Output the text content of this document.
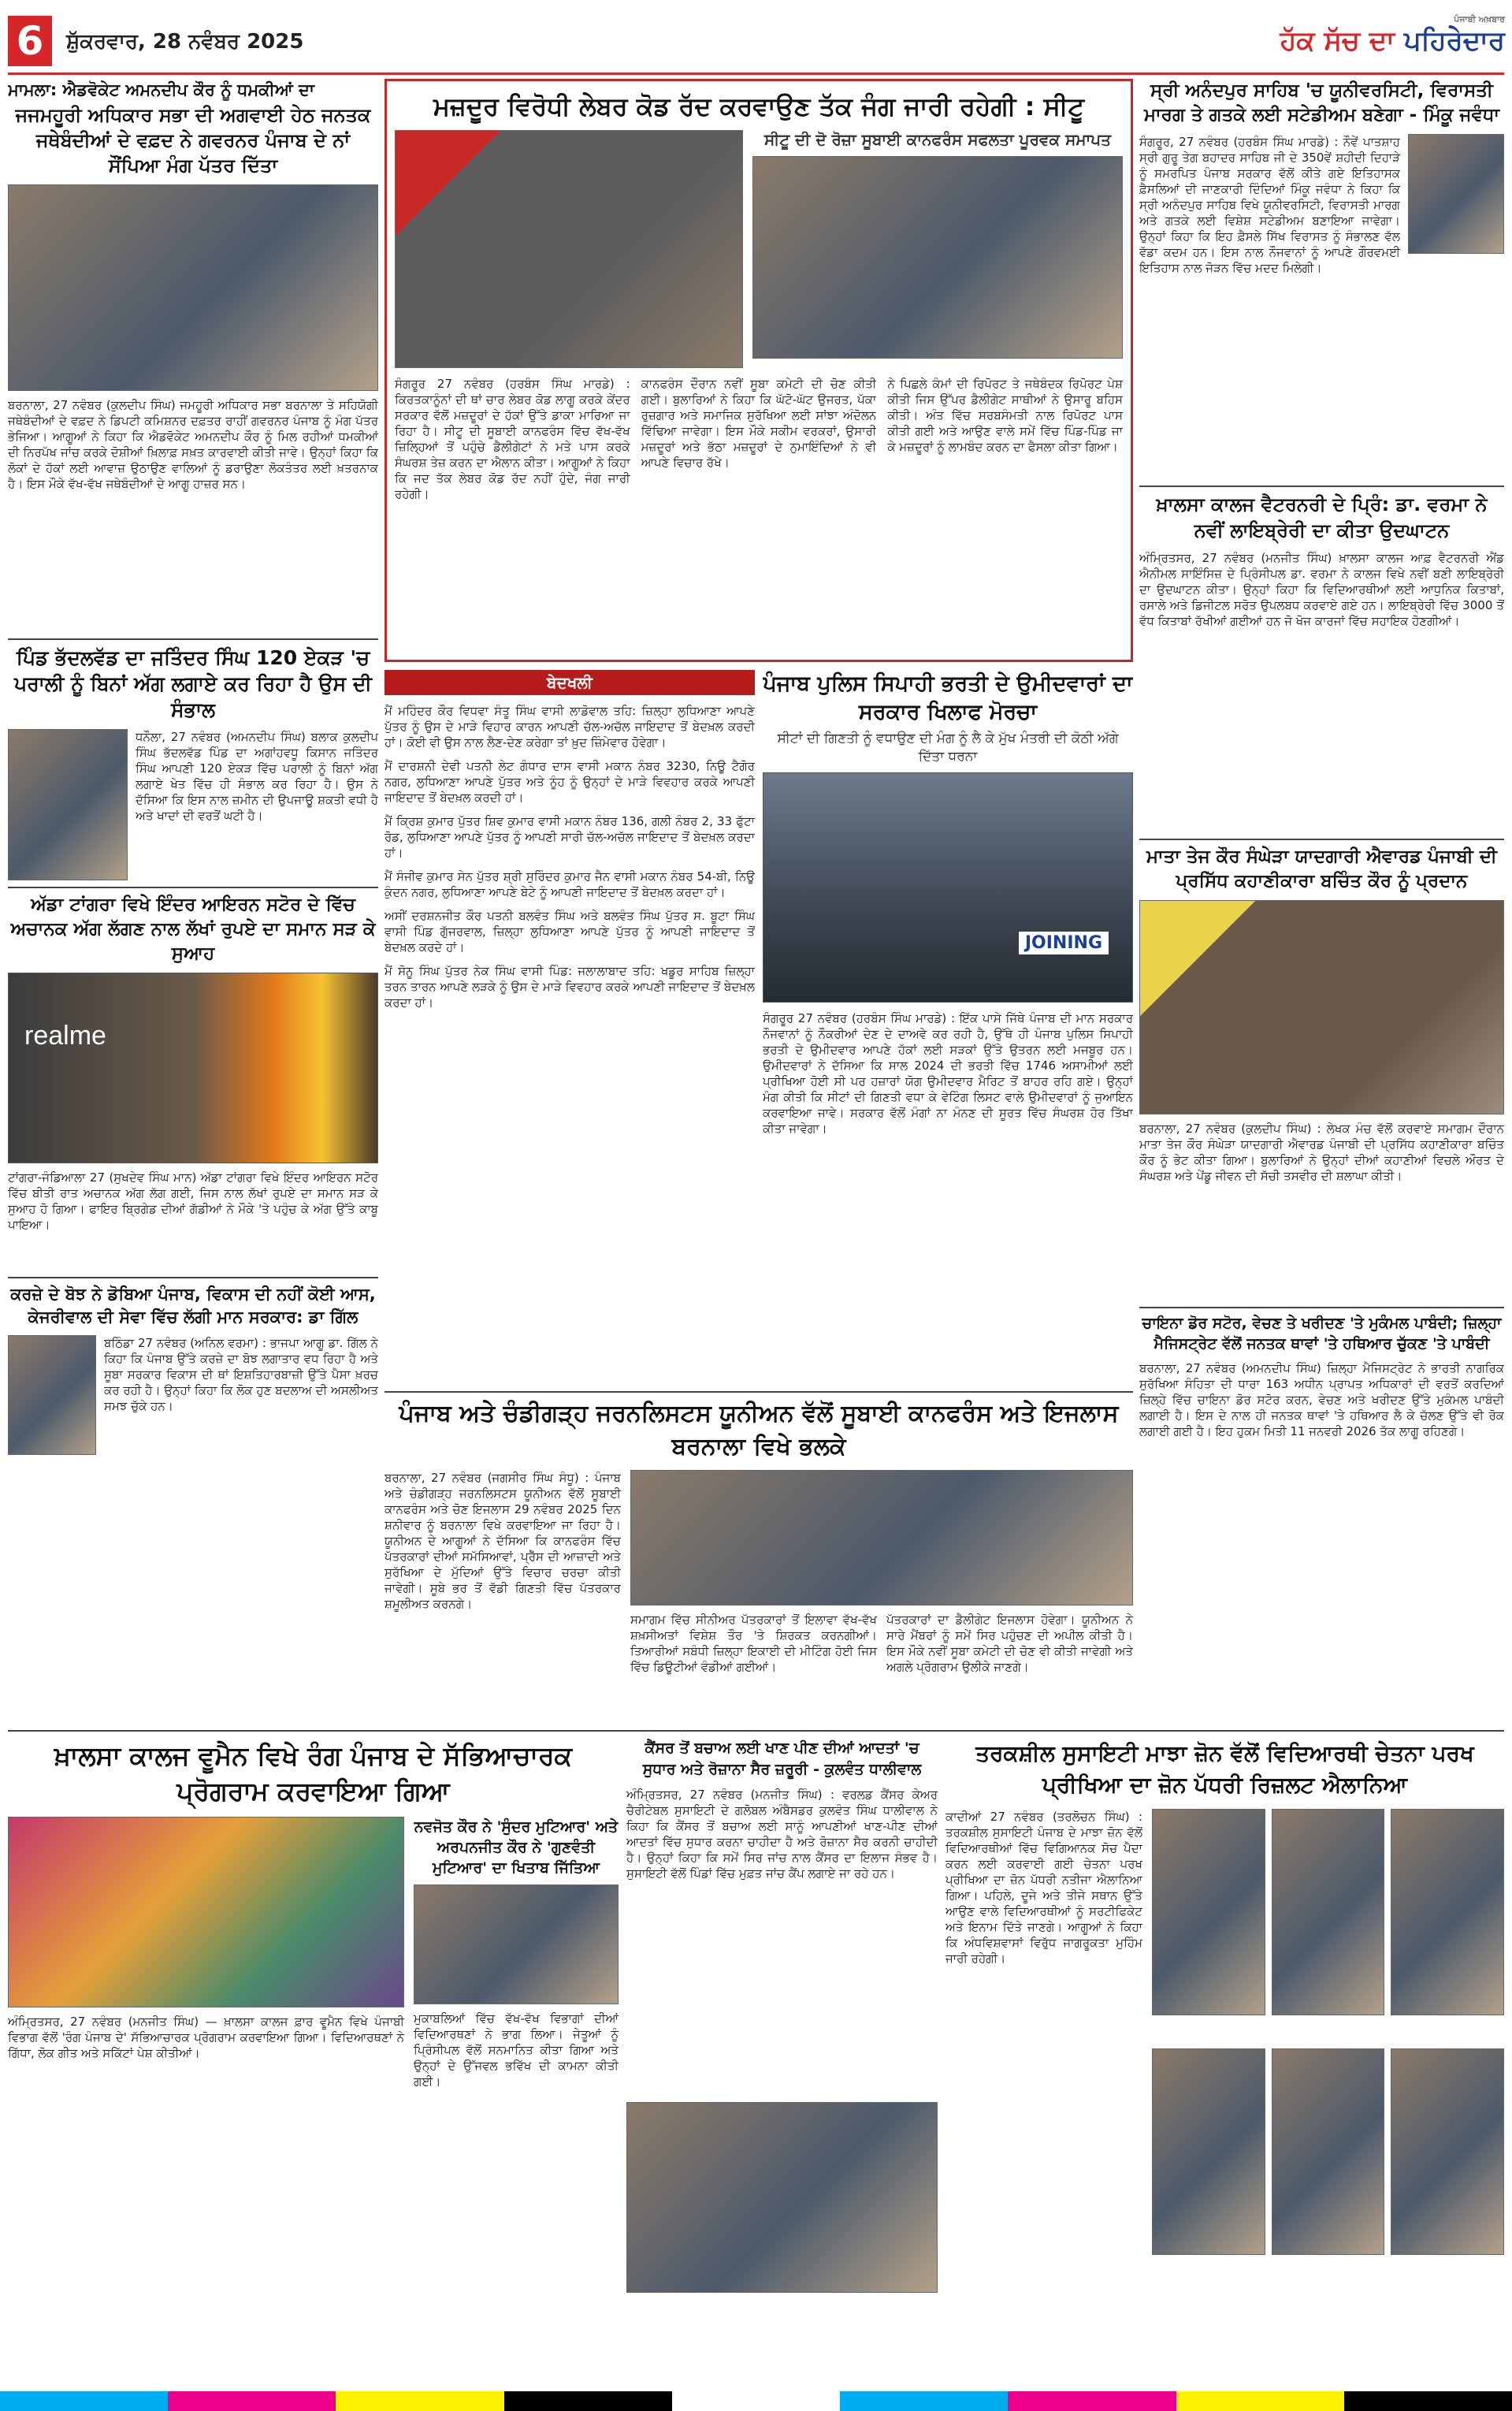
6	ਸ਼ੁੱਕਰਵਾਰ, 28 ਨਵੰਬਰ 2025
ਪੰਜਾਬੀ ਅਖ਼ਬਾਰ
ਹੱਕ ਸੱਚ ਦਾ ਪਹਿਰੇਦਾਰ
ਮਾਮਲਾ: ਐਡਵੋਕੇਟ ਅਮਨਦੀਪ ਕੌਰ ਨੂੰ ਧਮਕੀਆਂ ਦਾ
ਜਜਮਹੂਰੀ ਅਧਿਕਾਰ ਸਭਾ ਦੀ ਅਗਵਾਈ ਹੇਠ ਜਨਤਕ ਜਥੇਬੰਦੀਆਂ ਦੇ ਵਫ਼ਦ ਨੇ ਗਵਰਨਰ ਪੰਜਾਬ ਦੇ ਨਾਂ ਸੌਂਪਿਆ ਮੰਗ ਪੱਤਰ ਦਿੱਤਾ
ਬਰਨਾਲਾ, 27 ਨਵੰਬਰ (ਕੁਲਦੀਪ ਸਿੰਘ) ਜਮਹੂਰੀ ਅਧਿਕਾਰ ਸਭਾ ਬਰਨਾਲਾ ਤੇ ਸਹਿਯੋਗੀ ਜਥੇਬੰਦੀਆਂ ਦੇ ਵਫ਼ਦ ਨੇ ਡਿਪਟੀ ਕਮਿਸ਼ਨਰ ਦਫ਼ਤਰ ਰਾਹੀਂ ਗਵਰਨਰ ਪੰਜਾਬ ਨੂੰ ਮੰਗ ਪੱਤਰ ਭੇਜਿਆ। ਆਗੂਆਂ ਨੇ ਕਿਹਾ ਕਿ ਐਡਵੋਕੇਟ ਅਮਨਦੀਪ ਕੌਰ ਨੂੰ ਮਿਲ ਰਹੀਆਂ ਧਮਕੀਆਂ ਦੀ ਨਿਰਪੱਖ ਜਾਂਚ ਕਰਕੇ ਦੋਸ਼ੀਆਂ ਖ਼ਿਲਾਫ਼ ਸਖ਼ਤ ਕਾਰਵਾਈ ਕੀਤੀ ਜਾਵੇ। ਉਨ੍ਹਾਂ ਕਿਹਾ ਕਿ ਲੋਕਾਂ ਦੇ ਹੱਕਾਂ ਲਈ ਆਵਾਜ਼ ਉਠਾਉਣ ਵਾਲਿਆਂ ਨੂੰ ਡਰਾਉਣਾ ਲੋਕਤੰਤਰ ਲਈ ਖ਼ਤਰਨਾਕ ਹੈ। ਇਸ ਮੌਕੇ ਵੱਖ-ਵੱਖ ਜਥੇਬੰਦੀਆਂ ਦੇ ਆਗੂ ਹਾਜ਼ਰ ਸਨ।
ਪਿੰਡ ਭੱਦਲਵੱਡ ਦਾ ਜਤਿੰਦਰ ਸਿੰਘ 120 ਏਕੜ 'ਚ ਪਰਾਲੀ ਨੂੰ ਬਿਨਾਂ ਅੱਗ ਲਗਾਏ ਕਰ ਰਿਹਾ ਹੈ ਉਸ ਦੀ ਸੰਭਾਲ
ਧਨੌਲਾ, 27 ਨਵੰਬਰ (ਅਮਨਦੀਪ ਸਿੰਘ) ਬਲਾਕ ਕੁਲਦੀਪ ਸਿੰਘ ਭੱਦਲਵੱਡ ਪਿੰਡ ਦਾ ਅਗਾਂਹਵਧੂ ਕਿਸਾਨ ਜਤਿੰਦਰ ਸਿੰਘ ਆਪਣੀ 120 ਏਕੜ ਵਿੱਚ ਪਰਾਲੀ ਨੂੰ ਬਿਨਾਂ ਅੱਗ ਲਗਾਏ ਖੇਤ ਵਿੱਚ ਹੀ ਸੰਭਾਲ ਕਰ ਰਿਹਾ ਹੈ। ਉਸ ਨੇ ਦੱਸਿਆ ਕਿ ਇਸ ਨਾਲ ਜ਼ਮੀਨ ਦੀ ਉਪਜਾਊ ਸ਼ਕਤੀ ਵਧੀ ਹੈ ਅਤੇ ਖਾਦਾਂ ਦੀ ਵਰਤੋਂ ਘਟੀ ਹੈ।
ਅੱਡਾ ਟਾਂਗਰਾ ਵਿਖੇ ਇੰਦਰ ਆਇਰਨ ਸਟੋਰ ਦੇ ਵਿੱਚ ਅਚਾਨਕ ਅੱਗ ਲੱਗਣ ਨਾਲ ਲੱਖਾਂ ਰੁਪਏ ਦਾ ਸਮਾਨ ਸੜ ਕੇ ਸੁਆਹ
realme
ਟਾਂਗਰਾ-ਜੰਡਿਆਲਾ 27 (ਸੁਖਦੇਵ ਸਿੰਘ ਮਾਨ) ਅੱਡਾ ਟਾਂਗਰਾ ਵਿਖੇ ਇੰਦਰ ਆਇਰਨ ਸਟੋਰ ਵਿੱਚ ਬੀਤੀ ਰਾਤ ਅਚਾਨਕ ਅੱਗ ਲੱਗ ਗਈ, ਜਿਸ ਨਾਲ ਲੱਖਾਂ ਰੁਪਏ ਦਾ ਸਮਾਨ ਸੜ ਕੇ ਸੁਆਹ ਹੋ ਗਿਆ। ਫਾਇਰ ਬ੍ਰਿਗੇਡ ਦੀਆਂ ਗੱਡੀਆਂ ਨੇ ਮੌਕੇ 'ਤੇ ਪਹੁੰਚ ਕੇ ਅੱਗ ਉੱਤੇ ਕਾਬੂ ਪਾਇਆ।
ਕਰਜ਼ੇ ਦੇ ਬੋਝ ਨੇ ਡੋਬਿਆ ਪੰਜਾਬ, ਵਿਕਾਸ ਦੀ ਨਹੀਂ ਕੋਈ ਆਸ, ਕੇਜਰੀਵਾਲ ਦੀ ਸੇਵਾ ਵਿੱਚ ਲੱਗੀ ਮਾਨ ਸਰਕਾਰ: ਡਾ ਗਿੱਲ
ਬਠਿੰਡਾ 27 ਨਵੰਬਰ (ਅਨਿਲ ਵਰਮਾ) : ਭਾਜਪਾ ਆਗੂ ਡਾ. ਗਿੱਲ ਨੇ ਕਿਹਾ ਕਿ ਪੰਜਾਬ ਉੱਤੇ ਕਰਜ਼ੇ ਦਾ ਬੋਝ ਲਗਾਤਾਰ ਵਧ ਰਿਹਾ ਹੈ ਅਤੇ ਸੂਬਾ ਸਰਕਾਰ ਵਿਕਾਸ ਦੀ ਥਾਂ ਇਸ਼ਤਿਹਾਰਬਾਜ਼ੀ ਉੱਤੇ ਪੈਸਾ ਖ਼ਰਚ ਕਰ ਰਹੀ ਹੈ। ਉਨ੍ਹਾਂ ਕਿਹਾ ਕਿ ਲੋਕ ਹੁਣ ਬਦਲਾਅ ਦੀ ਅਸਲੀਅਤ ਸਮਝ ਚੁੱਕੇ ਹਨ।
ਮਜ਼ਦੂਰ ਵਿਰੋਧੀ ਲੇਬਰ ਕੋਡ ਰੱਦ ਕਰਵਾਉਣ ਤੱਕ ਜੰਗ ਜਾਰੀ ਰਹੇਗੀ : ਸੀਟੂ
ਸੀਟੂ ਦੀ ਦੋ ਰੋਜ਼ਾ ਸੂਬਾਈ ਕਾਨਫਰੰਸ ਸਫਲਤਾ ਪੂਰਵਕ ਸਮਾਪਤ
ਸੰਗਰੂਰ 27 ਨਵੰਬਰ (ਹਰਬੰਸ ਸਿੰਘ ਮਾਰਡੇ) : ਕਿਰਤਕਾਨੂੰਨਾਂ ਦੀ ਥਾਂ ਚਾਰ ਲੇਬਰ ਕੋਡ ਲਾਗੂ ਕਰਕੇ ਕੇਂਦਰ ਸਰਕਾਰ ਵੱਲੋਂ ਮਜ਼ਦੂਰਾਂ ਦੇ ਹੱਕਾਂ ਉੱਤੇ ਡਾਕਾ ਮਾਰਿਆ ਜਾ ਰਿਹਾ ਹੈ। ਸੀਟੂ ਦੀ ਸੂਬਾਈ ਕਾਨਫਰੰਸ ਵਿੱਚ ਵੱਖ-ਵੱਖ ਜ਼ਿਲ੍ਹਿਆਂ ਤੋਂ ਪਹੁੰਚੇ ਡੈਲੀਗੇਟਾਂ ਨੇ ਮਤੇ ਪਾਸ ਕਰਕੇ ਸੰਘਰਸ਼ ਤੇਜ਼ ਕਰਨ ਦਾ ਐਲਾਨ ਕੀਤਾ। ਆਗੂਆਂ ਨੇ ਕਿਹਾ ਕਿ ਜਦ ਤੱਕ ਲੇਬਰ ਕੋਡ ਰੱਦ ਨਹੀਂ ਹੁੰਦੇ, ਜੰਗ ਜਾਰੀ ਰਹੇਗੀ।
ਕਾਨਫਰੰਸ ਦੌਰਾਨ ਨਵੀਂ ਸੂਬਾ ਕਮੇਟੀ ਦੀ ਚੋਣ ਕੀਤੀ ਗਈ। ਬੁਲਾਰਿਆਂ ਨੇ ਕਿਹਾ ਕਿ ਘੱਟੋ-ਘੱਟ ਉਜਰਤ, ਪੱਕਾ ਰੁਜ਼ਗਾਰ ਅਤੇ ਸਮਾਜਿਕ ਸੁਰੱਖਿਆ ਲਈ ਸਾਂਝਾ ਅੰਦੋਲਨ ਵਿੱਢਿਆ ਜਾਵੇਗਾ। ਇਸ ਮੌਕੇ ਸਕੀਮ ਵਰਕਰਾਂ, ਉਸਾਰੀ ਮਜ਼ਦੂਰਾਂ ਅਤੇ ਭੱਠਾ ਮਜ਼ਦੂਰਾਂ ਦੇ ਨੁਮਾਇੰਦਿਆਂ ਨੇ ਵੀ ਆਪਣੇ ਵਿਚਾਰ ਰੱਖੇ।
ਨੇ ਪਿਛਲੇ ਕੰਮਾਂ ਦੀ ਰਿਪੋਰਟ ਤੇ ਜਥੇਬੰਦਕ ਰਿਪੋਰਟ ਪੇਸ਼ ਕੀਤੀ ਜਿਸ ਉੱਪਰ ਡੈਲੀਗੇਟ ਸਾਥੀਆਂ ਨੇ ਉਸਾਰੂ ਬਹਿਸ ਕੀਤੀ। ਅੰਤ ਵਿੱਚ ਸਰਬਸੰਮਤੀ ਨਾਲ ਰਿਪੋਰਟ ਪਾਸ ਕੀਤੀ ਗਈ ਅਤੇ ਆਉਣ ਵਾਲੇ ਸਮੇਂ ਵਿੱਚ ਪਿੰਡ-ਪਿੰਡ ਜਾ ਕੇ ਮਜ਼ਦੂਰਾਂ ਨੂੰ ਲਾਮਬੰਦ ਕਰਨ ਦਾ ਫੈਸਲਾ ਕੀਤਾ ਗਿਆ।
ਬੇਦਖਲੀ

ਮੈਂ ਮਹਿੰਦਰ ਕੌਰ ਵਿਧਵਾ ਸੰਤੂ ਸਿੰਘ ਵਾਸੀ ਲਾਡੋਵਾਲ ਤਹਿ: ਜ਼ਿਲ੍ਹਾ ਲੁਧਿਆਣਾ ਆਪਣੇ ਪੁੱਤਰ ਨੂੰ ਉਸ ਦੇ ਮਾੜੇ ਵਿਹਾਰ ਕਾਰਨ ਆਪਣੀ ਚੱਲ-ਅਚੱਲ ਜਾਇਦਾਦ ਤੋਂ ਬੇਦਖ਼ਲ ਕਰਦੀ ਹਾਂ। ਕੋਈ ਵੀ ਉਸ ਨਾਲ ਲੈਣ-ਦੇਣ ਕਰੇਗਾ ਤਾਂ ਖ਼ੁਦ ਜ਼ਿੰਮੇਵਾਰ ਹੋਵੇਗਾ।

ਮੈਂ ਦਾਰਸ਼ਨੀ ਦੇਵੀ ਪਤਨੀ ਲੇਟ ਗੰਧਾਰ ਦਾਸ ਵਾਸੀ ਮਕਾਨ ਨੰਬਰ 3230, ਨਿਊ ਟੈਗੋਰ ਨਗਰ, ਲੁਧਿਆਣਾ ਆਪਣੇ ਪੁੱਤਰ ਅਤੇ ਨੂੰਹ ਨੂੰ ਉਨ੍ਹਾਂ ਦੇ ਮਾੜੇ ਵਿਵਹਾਰ ਕਰਕੇ ਆਪਣੀ ਜਾਇਦਾਦ ਤੋਂ ਬੇਦਖ਼ਲ ਕਰਦੀ ਹਾਂ।

ਮੈਂ ਕ੍ਰਿਸ਼ ਕੁਮਾਰ ਪੁੱਤਰ ਸ਼ਿਵ ਕੁਮਾਰ ਵਾਸੀ ਮਕਾਨ ਨੰਬਰ 136, ਗਲੀ ਨੰਬਰ 2, 33 ਫੁੱਟਾ ਰੋਡ, ਲੁਧਿਆਣਾ ਆਪਣੇ ਪੁੱਤਰ ਨੂੰ ਆਪਣੀ ਸਾਰੀ ਚੱਲ-ਅਚੱਲ ਜਾਇਦਾਦ ਤੋਂ ਬੇਦਖ਼ਲ ਕਰਦਾ ਹਾਂ।

ਮੈਂ ਸੰਜੀਵ ਕੁਮਾਰ ਸੇਨ ਪੁੱਤਰ ਸ਼੍ਰੀ ਸੁਰਿੰਦਰ ਕੁਮਾਰ ਜੈਨ ਵਾਸੀ ਮਕਾਨ ਨੰਬਰ 54-ਬੀ, ਨਿਊ ਕੁੰਦਨ ਨਗਰ, ਲੁਧਿਆਣਾ ਆਪਣੇ ਬੇਟੇ ਨੂੰ ਆਪਣੀ ਜਾਇਦਾਦ ਤੋਂ ਬੇਦਖ਼ਲ ਕਰਦਾ ਹਾਂ।

ਅਸੀਂ ਦਰਸ਼ਨਜੀਤ ਕੌਰ ਪਤਨੀ ਬਲਵੰਤ ਸਿੰਘ ਅਤੇ ਬਲਵੰਤ ਸਿੰਘ ਪੁੱਤਰ ਸ. ਬੂਟਾ ਸਿੰਘ ਵਾਸੀ ਪਿੰਡ ਗੁੱਜਰਵਾਲ, ਜ਼ਿਲ੍ਹਾ ਲੁਧਿਆਣਾ ਆਪਣੇ ਪੁੱਤਰ ਨੂੰ ਆਪਣੀ ਜਾਇਦਾਦ ਤੋਂ ਬੇਦਖ਼ਲ ਕਰਦੇ ਹਾਂ।

ਮੈਂ ਸੋਨੂ ਸਿੰਘ ਪੁੱਤਰ ਨੇਕ ਸਿੰਘ ਵਾਸੀ ਪਿੰਡ: ਜਲਾਲਾਬਾਦ ਤਹਿ: ਖਡੂਰ ਸਾਹਿਬ ਜ਼ਿਲ੍ਹਾ ਤਰਨ ਤਾਰਨ ਆਪਣੇ ਲੜਕੇ ਨੂੰ ਉਸ ਦੇ ਮਾੜੇ ਵਿਵਹਾਰ ਕਰਕੇ ਆਪਣੀ ਜਾਇਦਾਦ ਤੋਂ ਬੇਦਖ਼ਲ ਕਰਦਾ ਹਾਂ।

ਪੰਜਾਬ ਪੁਲਿਸ ਸਿਪਾਹੀ ਭਰਤੀ ਦੇ ਉਮੀਦਵਾਰਾਂ ਦਾ ਸਰਕਾਰ ਖਿਲਾਫ ਮੋਰਚਾ
ਸੀਟਾਂ ਦੀ ਗਿਣਤੀ ਨੂੰ ਵਧਾਉਣ ਦੀ ਮੰਗ ਨੂੰ ਲੈ ਕੇ ਮੁੱਖ ਮੰਤਰੀ ਦੀ ਕੋਠੀ ਅੱਗੇ ਦਿੱਤਾ ਧਰਨਾ
JOINING
ਸੰਗਰੂਰ 27 ਨਵੰਬਰ (ਹਰਬੰਸ ਸਿੰਘ ਮਾਰਡੇ) : ਇੱਕ ਪਾਸੇ ਜਿੱਥੇ ਪੰਜਾਬ ਦੀ ਮਾਨ ਸਰਕਾਰ ਨੌਜਵਾਨਾਂ ਨੂੰ ਨੌਕਰੀਆਂ ਦੇਣ ਦੇ ਦਾਅਵੇ ਕਰ ਰਹੀ ਹੈ, ਉੱਥੇ ਹੀ ਪੰਜਾਬ ਪੁਲਿਸ ਸਿਪਾਹੀ ਭਰਤੀ ਦੇ ਉਮੀਦਵਾਰ ਆਪਣੇ ਹੱਕਾਂ ਲਈ ਸੜਕਾਂ ਉੱਤੇ ਉਤਰਨ ਲਈ ਮਜਬੂਰ ਹਨ। ਉਮੀਦਵਾਰਾਂ ਨੇ ਦੱਸਿਆ ਕਿ ਸਾਲ 2024 ਦੀ ਭਰਤੀ ਵਿੱਚ 1746 ਅਸਾਮੀਆਂ ਲਈ ਪ੍ਰੀਖਿਆ ਹੋਈ ਸੀ ਪਰ ਹਜ਼ਾਰਾਂ ਯੋਗ ਉਮੀਦਵਾਰ ਮੈਰਿਟ ਤੋਂ ਬਾਹਰ ਰਹਿ ਗਏ। ਉਨ੍ਹਾਂ ਮੰਗ ਕੀਤੀ ਕਿ ਸੀਟਾਂ ਦੀ ਗਿਣਤੀ ਵਧਾ ਕੇ ਵੇਟਿੰਗ ਲਿਸਟ ਵਾਲੇ ਉਮੀਦਵਾਰਾਂ ਨੂੰ ਜੁਆਇਨ ਕਰਵਾਇਆ ਜਾਵੇ। ਸਰਕਾਰ ਵੱਲੋਂ ਮੰਗਾਂ ਨਾ ਮੰਨਣ ਦੀ ਸੂਰਤ ਵਿੱਚ ਸੰਘਰਸ਼ ਹੋਰ ਤਿੱਖਾ ਕੀਤਾ ਜਾਵੇਗਾ।
ਸ੍ਰੀ ਅਨੰਦਪੁਰ ਸਾਹਿਬ 'ਚ ਯੂਨੀਵਰਸਿਟੀ, ਵਿਰਾਸਤੀ ਮਾਰਗ ਤੇ ਗਤਕੇ ਲਈ ਸਟੇਡੀਅਮ ਬਣੇਗਾ - ਮਿੰਕੂ ਜਵੰਧਾ
ਸੰਗਰੂਰ, 27 ਨਵੰਬਰ (ਹਰਬੰਸ ਸਿੰਘ ਮਾਰਡੇ) : ਨੌਵੇਂ ਪਾਤਸ਼ਾਹ ਸ੍ਰੀ ਗੁਰੂ ਤੇਗ ਬਹਾਦਰ ਸਾਹਿਬ ਜੀ ਦੇ 350ਵੇਂ ਸ਼ਹੀਦੀ ਦਿਹਾੜੇ ਨੂੰ ਸਮਰਪਿਤ ਪੰਜਾਬ ਸਰਕਾਰ ਵੱਲੋਂ ਕੀਤੇ ਗਏ ਇਤਿਹਾਸਕ ਫ਼ੈਸਲਿਆਂ ਦੀ ਜਾਣਕਾਰੀ ਦਿੰਦਿਆਂ ਮਿੰਕੂ ਜਵੰਧਾ ਨੇ ਕਿਹਾ ਕਿ ਸ੍ਰੀ ਅਨੰਦਪੁਰ ਸਾਹਿਬ ਵਿਖੇ ਯੂਨੀਵਰਸਿਟੀ, ਵਿਰਾਸਤੀ ਮਾਰਗ ਅਤੇ ਗਤਕੇ ਲਈ ਵਿਸ਼ੇਸ਼ ਸਟੇਡੀਅਮ ਬਣਾਇਆ ਜਾਵੇਗਾ। ਉਨ੍ਹਾਂ ਕਿਹਾ ਕਿ ਇਹ ਫ਼ੈਸਲੇ ਸਿੱਖ ਵਿਰਾਸਤ ਨੂੰ ਸੰਭਾਲਣ ਵੱਲ ਵੱਡਾ ਕਦਮ ਹਨ। ਇਸ ਨਾਲ ਨੌਜਵਾਨਾਂ ਨੂੰ ਆਪਣੇ ਗੌਰਵਮਈ ਇਤਿਹਾਸ ਨਾਲ ਜੋੜਨ ਵਿੱਚ ਮਦਦ ਮਿਲੇਗੀ।
ਖ਼ਾਲਸਾ ਕਾਲਜ ਵੈਟਰਨਰੀ ਦੇ ਪ੍ਰਿੰ: ਡਾ. ਵਰਮਾ ਨੇ ਨਵੀਂ ਲਾਇਬ੍ਰੇਰੀ ਦਾ ਕੀਤਾ ਉਦਘਾਟਨ
ਅੰਮ੍ਰਿਤਸਰ, 27 ਨਵੰਬਰ (ਮਨਜੀਤ ਸਿੰਘ) ਖ਼ਾਲਸਾ ਕਾਲਜ ਆਫ਼ ਵੈਟਰਨਰੀ ਐਂਡ ਐਨੀਮਲ ਸਾਇੰਸਿਜ਼ ਦੇ ਪ੍ਰਿੰਸੀਪਲ ਡਾ. ਵਰਮਾ ਨੇ ਕਾਲਜ ਵਿਖੇ ਨਵੀਂ ਬਣੀ ਲਾਇਬ੍ਰੇਰੀ ਦਾ ਉਦਘਾਟਨ ਕੀਤਾ। ਉਨ੍ਹਾਂ ਕਿਹਾ ਕਿ ਵਿਦਿਆਰਥੀਆਂ ਲਈ ਆਧੁਨਿਕ ਕਿਤਾਬਾਂ, ਰਸਾਲੇ ਅਤੇ ਡਿਜੀਟਲ ਸਰੋਤ ਉਪਲਬਧ ਕਰਵਾਏ ਗਏ ਹਨ। ਲਾਇਬ੍ਰੇਰੀ ਵਿੱਚ 3000 ਤੋਂ ਵੱਧ ਕਿਤਾਬਾਂ ਰੱਖੀਆਂ ਗਈਆਂ ਹਨ ਜੋ ਖੋਜ ਕਾਰਜਾਂ ਵਿੱਚ ਸਹਾਇਕ ਹੋਣਗੀਆਂ।
ਮਾਤਾ ਤੇਜ ਕੌਰ ਸੰਘੇੜਾ ਯਾਦਗਾਰੀ ਐਵਾਰਡ ਪੰਜਾਬੀ ਦੀ ਪ੍ਰਸਿੱਧ ਕਹਾਣੀਕਾਰਾ ਬਚਿੰਤ ਕੌਰ ਨੂੰ ਪ੍ਰਦਾਨ
ਬਰਨਾਲਾ, 27 ਨਵੰਬਰ (ਕੁਲਦੀਪ ਸਿੰਘ) : ਲੇਖਕ ਮੰਚ ਵੱਲੋਂ ਕਰਵਾਏ ਸਮਾਗਮ ਦੌਰਾਨ ਮਾਤਾ ਤੇਜ ਕੌਰ ਸੰਘੇੜਾ ਯਾਦਗਾਰੀ ਐਵਾਰਡ ਪੰਜਾਬੀ ਦੀ ਪ੍ਰਸਿੱਧ ਕਹਾਣੀਕਾਰਾ ਬਚਿੰਤ ਕੌਰ ਨੂੰ ਭੇਟ ਕੀਤਾ ਗਿਆ। ਬੁਲਾਰਿਆਂ ਨੇ ਉਨ੍ਹਾਂ ਦੀਆਂ ਕਹਾਣੀਆਂ ਵਿਚਲੇ ਔਰਤ ਦੇ ਸੰਘਰਸ਼ ਅਤੇ ਪੇਂਡੂ ਜੀਵਨ ਦੀ ਸੱਚੀ ਤਸਵੀਰ ਦੀ ਸ਼ਲਾਘਾ ਕੀਤੀ।
ਚਾਇਨਾ ਡੋਰ ਸਟੋਰ, ਵੇਚਣ ਤੇ ਖਰੀਦਣ 'ਤੇ ਮੁਕੰਮਲ ਪਾਬੰਦੀ; ਜ਼ਿਲ੍ਹਾ ਮੈਜਿਸਟ੍ਰੇਟ ਵੱਲੋਂ ਜਨਤਕ ਥਾਵਾਂ 'ਤੇ ਹਥਿਆਰ ਚੁੱਕਣ 'ਤੇ ਪਾਬੰਦੀ
ਬਰਨਾਲਾ, 27 ਨਵੰਬਰ (ਅਮਨਦੀਪ ਸਿੰਘ) ਜ਼ਿਲ੍ਹਾ ਮੈਜਿਸਟ੍ਰੇਟ ਨੇ ਭਾਰਤੀ ਨਾਗਰਿਕ ਸੁਰੱਖਿਆ ਸੰਹਿਤਾ ਦੀ ਧਾਰਾ 163 ਅਧੀਨ ਪ੍ਰਾਪਤ ਅਧਿਕਾਰਾਂ ਦੀ ਵਰਤੋਂ ਕਰਦਿਆਂ ਜ਼ਿਲ੍ਹੇ ਵਿੱਚ ਚਾਇਨਾ ਡੋਰ ਸਟੋਰ ਕਰਨ, ਵੇਚਣ ਅਤੇ ਖਰੀਦਣ ਉੱਤੇ ਮੁਕੰਮਲ ਪਾਬੰਦੀ ਲਗਾਈ ਹੈ। ਇਸ ਦੇ ਨਾਲ ਹੀ ਜਨਤਕ ਥਾਵਾਂ 'ਤੇ ਹਥਿਆਰ ਲੈ ਕੇ ਚੱਲਣ ਉੱਤੇ ਵੀ ਰੋਕ ਲਗਾਈ ਗਈ ਹੈ। ਇਹ ਹੁਕਮ ਮਿਤੀ 11 ਜਨਵਰੀ 2026 ਤੱਕ ਲਾਗੂ ਰਹਿਣਗੇ।
ਪੰਜਾਬ ਅਤੇ ਚੰਡੀਗੜ੍ਹ ਜਰਨਲਿਸਟਸ ਯੂਨੀਅਨ ਵੱਲੋਂ ਸੂਬਾਈ ਕਾਨਫਰੰਸ ਅਤੇ ਇਜਲਾਸ ਬਰਨਾਲਾ ਵਿਖੇ ਭਲਕੇ
ਬਰਨਾਲਾ, 27 ਨਵੰਬਰ (ਜਗਸੀਰ ਸਿੰਘ ਸੰਧੂ) : ਪੰਜਾਬ ਅਤੇ ਚੰਡੀਗੜ੍ਹ ਜਰਨਲਿਸਟਸ ਯੂਨੀਅਨ ਵੱਲੋਂ ਸੂਬਾਈ ਕਾਨਫਰੰਸ ਅਤੇ ਚੋਣ ਇਜਲਾਸ 29 ਨਵੰਬਰ 2025 ਦਿਨ ਸ਼ਨੀਵਾਰ ਨੂੰ ਬਰਨਾਲਾ ਵਿਖੇ ਕਰਵਾਇਆ ਜਾ ਰਿਹਾ ਹੈ। ਯੂਨੀਅਨ ਦੇ ਆਗੂਆਂ ਨੇ ਦੱਸਿਆ ਕਿ ਕਾਨਫਰੰਸ ਵਿੱਚ ਪੱਤਰਕਾਰਾਂ ਦੀਆਂ ਸਮੱਸਿਆਵਾਂ, ਪ੍ਰੈੱਸ ਦੀ ਆਜ਼ਾਦੀ ਅਤੇ ਸੁਰੱਖਿਆ ਦੇ ਮੁੱਦਿਆਂ ਉੱਤੇ ਵਿਚਾਰ ਚਰਚਾ ਕੀਤੀ ਜਾਵੇਗੀ। ਸੂਬੇ ਭਰ ਤੋਂ ਵੱਡੀ ਗਿਣਤੀ ਵਿੱਚ ਪੱਤਰਕਾਰ ਸ਼ਮੂਲੀਅਤ ਕਰਨਗੇ।
ਸਮਾਗਮ ਵਿੱਚ ਸੀਨੀਅਰ ਪੱਤਰਕਾਰਾਂ ਤੋਂ ਇਲਾਵਾ ਵੱਖ-ਵੱਖ ਸ਼ਖ਼ਸੀਅਤਾਂ ਵਿਸ਼ੇਸ਼ ਤੌਰ 'ਤੇ ਸ਼ਿਰਕਤ ਕਰਨਗੀਆਂ। ਤਿਆਰੀਆਂ ਸਬੰਧੀ ਜ਼ਿਲ੍ਹਾ ਇਕਾਈ ਦੀ ਮੀਟਿੰਗ ਹੋਈ ਜਿਸ ਵਿੱਚ ਡਿਊਟੀਆਂ ਵੰਡੀਆਂ ਗਈਆਂ।
ਪੱਤਰਕਾਰਾਂ ਦਾ ਡੈਲੀਗੇਟ ਇਜਲਾਸ ਹੋਵੇਗਾ। ਯੂਨੀਅਨ ਨੇ ਸਾਰੇ ਮੈਂਬਰਾਂ ਨੂੰ ਸਮੇਂ ਸਿਰ ਪਹੁੰਚਣ ਦੀ ਅਪੀਲ ਕੀਤੀ ਹੈ। ਇਸ ਮੌਕੇ ਨਵੀਂ ਸੂਬਾ ਕਮੇਟੀ ਦੀ ਚੋਣ ਵੀ ਕੀਤੀ ਜਾਵੇਗੀ ਅਤੇ ਅਗਲੇ ਪ੍ਰੋਗਰਾਮ ਉਲੀਕੇ ਜਾਣਗੇ।
ਖ਼ਾਲਸਾ ਕਾਲਜ ਵੂਮੈਨ ਵਿਖੇ ਰੰਗ ਪੰਜਾਬ ਦੇ ਸੱਭਿਆਚਾਰਕ ਪ੍ਰੋਗਰਾਮ ਕਰਵਾਇਆ ਗਿਆ
ਅੰਮ੍ਰਿਤਸਰ, 27 ਨਵੰਬਰ (ਮਨਜੀਤ ਸਿੰਘ) — ਖ਼ਾਲਸਾ ਕਾਲਜ ਫ਼ਾਰ ਵੂਮੈਨ ਵਿਖੇ ਪੰਜਾਬੀ ਵਿਭਾਗ ਵੱਲੋਂ 'ਰੰਗ ਪੰਜਾਬ ਦੇ' ਸੱਭਿਆਚਾਰਕ ਪ੍ਰੋਗਰਾਮ ਕਰਵਾਇਆ ਗਿਆ। ਵਿਦਿਆਰਥਣਾਂ ਨੇ ਗਿੱਧਾ, ਲੋਕ ਗੀਤ ਅਤੇ ਸਕਿੱਟਾਂ ਪੇਸ਼ ਕੀਤੀਆਂ।
ਨਵਜੋਤ ਕੌਰ ਨੇ 'ਸੁੰਦਰ ਮੁਟਿਆਰ' ਅਤੇ ਅਰਪਨਜੀਤ ਕੌਰ ਨੇ 'ਗੁਣਵੰਤੀ ਮੁਟਿਆਰ' ਦਾ ਖਿਤਾਬ ਜਿੱਤਿਆ
ਮੁਕਾਬਲਿਆਂ ਵਿੱਚ ਵੱਖ-ਵੱਖ ਵਿਭਾਗਾਂ ਦੀਆਂ ਵਿਦਿਆਰਥਣਾਂ ਨੇ ਭਾਗ ਲਿਆ। ਜੇਤੂਆਂ ਨੂੰ ਪ੍ਰਿੰਸੀਪਲ ਵੱਲੋਂ ਸਨਮਾਨਿਤ ਕੀਤਾ ਗਿਆ ਅਤੇ ਉਨ੍ਹਾਂ ਦੇ ਉੱਜਵਲ ਭਵਿੱਖ ਦੀ ਕਾਮਨਾ ਕੀਤੀ ਗਈ।
ਕੈਂਸਰ ਤੋਂ ਬਚਾਅ ਲਈ ਖਾਣ ਪੀਣ ਦੀਆਂ ਆਦਤਾਂ 'ਚ ਸੁਧਾਰ ਅਤੇ ਰੋਜ਼ਾਨਾ ਸੈਰ ਜ਼ਰੂਰੀ - ਕੁਲਵੰਤ ਧਾਲੀਵਾਲ
ਅੰਮ੍ਰਿਤਸਰ, 27 ਨਵੰਬਰ (ਮਨਜੀਤ ਸਿੰਘ) : ਵਰਲਡ ਕੈਂਸਰ ਕੇਅਰ ਚੈਰੀਟੇਬਲ ਸੁਸਾਇਟੀ ਦੇ ਗਲੋਬਲ ਅੰਬੈਸਡਰ ਕੁਲਵੰਤ ਸਿੰਘ ਧਾਲੀਵਾਲ ਨੇ ਕਿਹਾ ਕਿ ਕੈਂਸਰ ਤੋਂ ਬਚਾਅ ਲਈ ਸਾਨੂੰ ਆਪਣੀਆਂ ਖਾਣ-ਪੀਣ ਦੀਆਂ ਆਦਤਾਂ ਵਿੱਚ ਸੁਧਾਰ ਕਰਨਾ ਚਾਹੀਦਾ ਹੈ ਅਤੇ ਰੋਜ਼ਾਨਾ ਸੈਰ ਕਰਨੀ ਚਾਹੀਦੀ ਹੈ। ਉਨ੍ਹਾਂ ਕਿਹਾ ਕਿ ਸਮੇਂ ਸਿਰ ਜਾਂਚ ਨਾਲ ਕੈਂਸਰ ਦਾ ਇਲਾਜ ਸੰਭਵ ਹੈ। ਸੁਸਾਇਟੀ ਵੱਲੋਂ ਪਿੰਡਾਂ ਵਿੱਚ ਮੁਫ਼ਤ ਜਾਂਚ ਕੈਂਪ ਲਗਾਏ ਜਾ ਰਹੇ ਹਨ।
ਤਰਕਸ਼ੀਲ ਸੁਸਾਇਟੀ ਮਾਝਾ ਜ਼ੋਨ ਵੱਲੋਂ ਵਿਦਿਆਰਥੀ ਚੇਤਨਾ ਪਰਖ ਪ੍ਰੀਖਿਆ ਦਾ ਜ਼ੋਨ ਪੱਧਰੀ ਰਿਜ਼ਲਟ ਐਲਾਨਿਆ
ਕਾਦੀਆਂ 27 ਨਵੰਬਰ (ਤਰਲੋਚਨ ਸਿੰਘ) : ਤਰਕਸ਼ੀਲ ਸੁਸਾਇਟੀ ਪੰਜਾਬ ਦੇ ਮਾਝਾ ਜ਼ੋਨ ਵੱਲੋਂ ਵਿਦਿਆਰਥੀਆਂ ਵਿੱਚ ਵਿਗਿਆਨਕ ਸੋਚ ਪੈਦਾ ਕਰਨ ਲਈ ਕਰਵਾਈ ਗਈ ਚੇਤਨਾ ਪਰਖ ਪ੍ਰੀਖਿਆ ਦਾ ਜ਼ੋਨ ਪੱਧਰੀ ਨਤੀਜਾ ਐਲਾਨਿਆ ਗਿਆ। ਪਹਿਲੇ, ਦੂਜੇ ਅਤੇ ਤੀਜੇ ਸਥਾਨ ਉੱਤੇ ਆਉਣ ਵਾਲੇ ਵਿਦਿਆਰਥੀਆਂ ਨੂੰ ਸਰਟੀਫਿਕੇਟ ਅਤੇ ਇਨਾਮ ਦਿੱਤੇ ਜਾਣਗੇ। ਆਗੂਆਂ ਨੇ ਕਿਹਾ ਕਿ ਅੰਧਵਿਸ਼ਵਾਸਾਂ ਵਿਰੁੱਧ ਜਾਗਰੂਕਤਾ ਮੁਹਿੰਮ ਜਾਰੀ ਰਹੇਗੀ।
